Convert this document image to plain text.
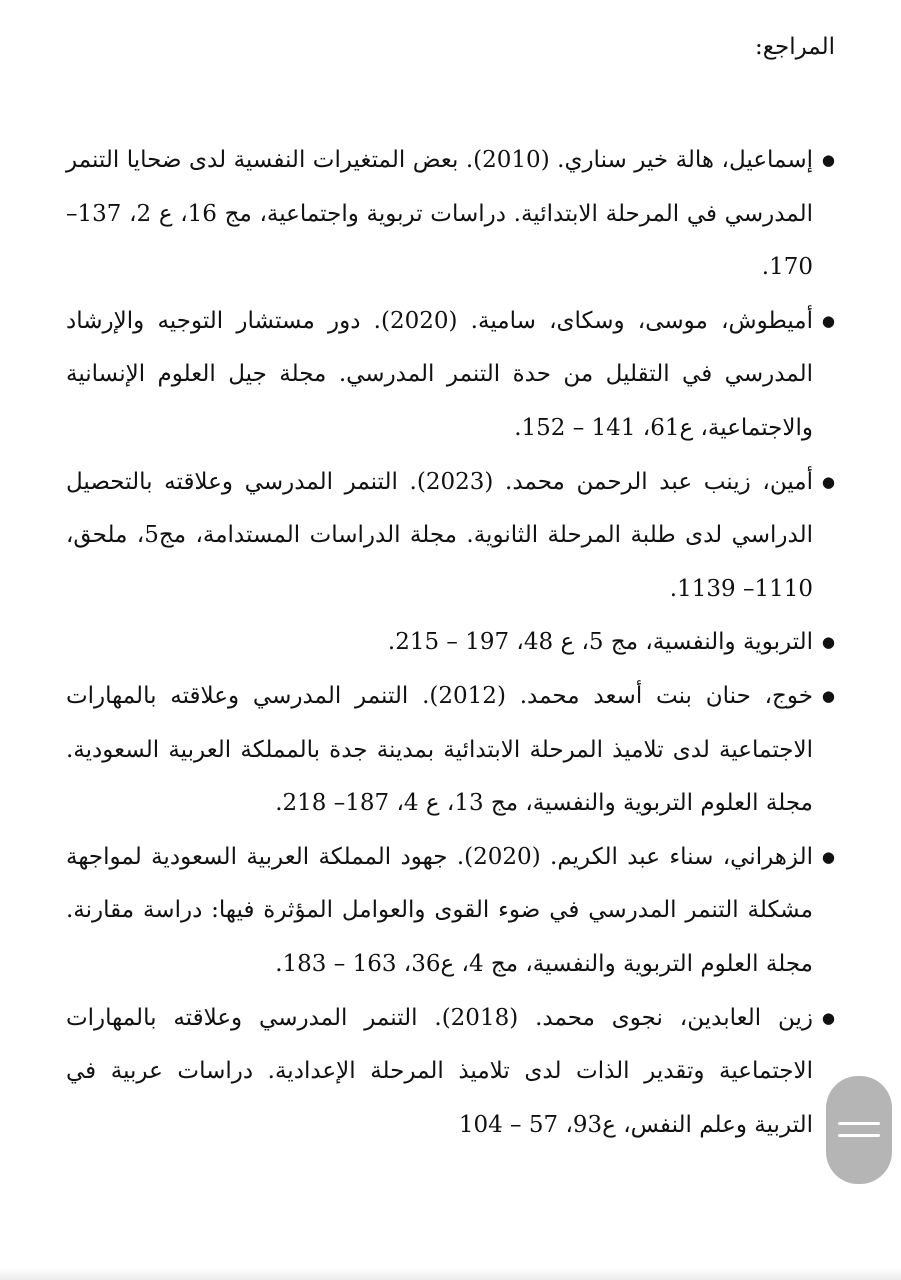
المراجع:
●
إسماعيل، هالة خير سناري. (2010). بعض المتغيرات النفسية لدى ضحايا التنمر المدرسي في المرحلة الابتدائية. دراسات تربوية واجتماعية، مج 16، ع 2، 137– 170.
●
أميطوش، موسى، وسكاى، سامية. (2020). دور مستشار التوجيه والإرشاد المدرسي في التقليل من حدة التنمر المدرسي. مجلة جيل العلوم الإنسانية والاجتماعية، ع61، 141 – 152.
●
أمين، زينب عبد الرحمن محمد. (2023). التنمر المدرسي وعلاقته بالتحصيل الدراسي لدى طلبة المرحلة الثانوية. مجلة الدراسات المستدامة، مج5، ملحق، 1110– 1139.
●
التربوية والنفسية، مج 5، ع 48، 197 – 215.
●
خوج، حنان بنت أسعد محمد. (2012). التنمر المدرسي وعلاقته بالمهارات الاجتماعية لدى تلاميذ المرحلة الابتدائية بمدينة جدة بالمملكة العربية السعودية. مجلة العلوم التربوية والنفسية، مج 13، ع 4، 187– 218.
●
الزهراني، سناء عبد الكريم. (2020). جهود المملكة العربية السعودية لمواجهة مشكلة التنمر المدرسي في ضوء القوى والعوامل المؤثرة فيها: دراسة مقارنة. مجلة العلوم التربوية والنفسية، مج 4، ع36، 163 – 183.
●
زين العابدين، نجوى محمد. (2018). التنمر المدرسي وعلاقته بالمهارات الاجتماعية وتقدير الذات لدى تلاميذ المرحلة الإعدادية. دراسات عربية في التربية وعلم النفس، ع93، 57 – 104
